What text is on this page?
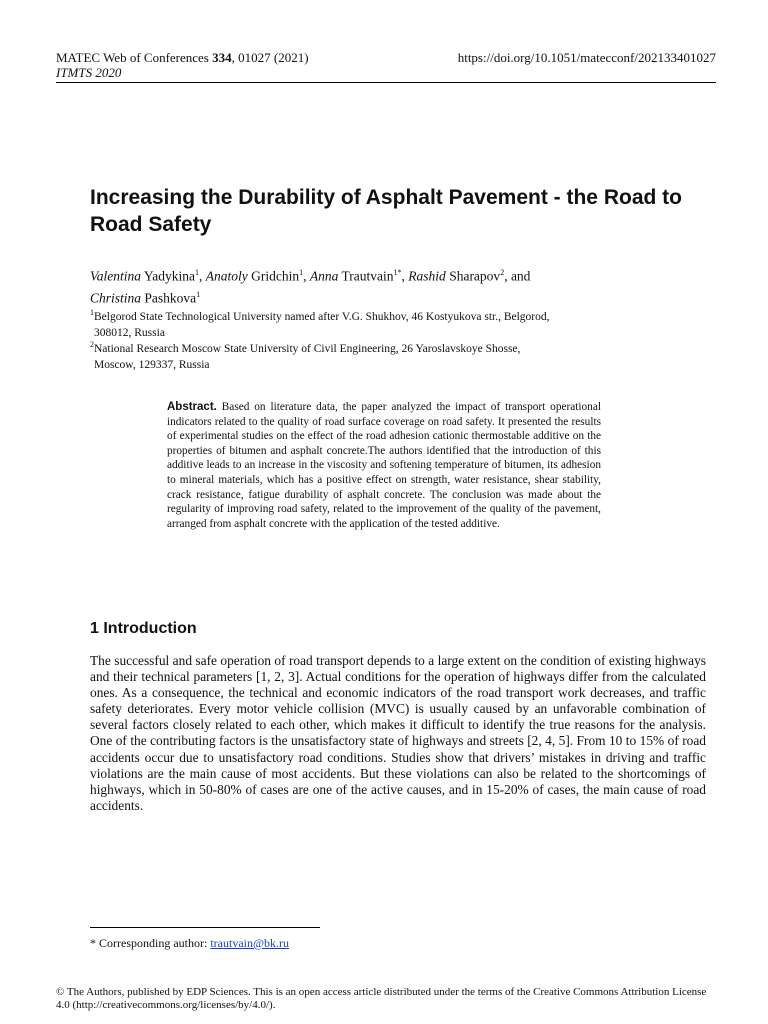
MATEC Web of Conferences 334, 01027 (2021)
ITMTS 2020
https://doi.org/10.1051/matecconf/202133401027
Increasing the Durability of Asphalt Pavement - the Road to Road Safety
Valentina Yadykina$^1$, Anatoly Gridchin$^1$, Anna Trautvain$^{1*}$, Rashid Sharapov$^2$, and
Christina Pashkova$^1$
$^1$Belgorod State Technological University named after V.G. Shukhov, 46 Kostyukova str., Belgorod,
308012, Russia
$^2$National Research Moscow State University of Civil Engineering, 26 Yaroslavskoye Shosse,
Moscow, 129337, Russia
Abstract. Based on literature data, the paper analyzed the impact of transport operational indicators related to the quality of road surface coverage on road safety. It presented the results of experimental studies on the effect of the road adhesion cationic thermostable additive on the properties of bitumen and asphalt concrete.The authors identified that the introduction of this additive leads to an increase in the viscosity and softening temperature of bitumen, its adhesion to mineral materials, which has a positive effect on strength, water resistance, shear stability, crack resistance, fatigue durability of asphalt concrete. The conclusion was made about the regularity of improving road safety, related to the improvement of the quality of the pavement, arranged from asphalt concrete with the application of the tested additive.
1 Introduction

The successful and safe operation of road transport depends to a large extent on the condition of existing highways and their technical parameters [1, 2, 3]. Actual conditions for the operation of highways differ from the calculated ones. As a consequence, the technical and economic indicators of the road transport work decreases, and traffic safety deteriorates. Every motor vehicle collision (MVC) is usually caused by an unfavorable combination of several factors closely related to each other, which makes it difficult to identify the true reasons for the analysis. One of the contributing factors is the unsatisfactory state of highways and streets [2, 4, 5]. From 10 to 15% of road accidents occur due to unsatisfactory road conditions. Studies show that drivers’ mistakes in driving and traffic violations are the main cause of most accidents. But these violations can also be related to the shortcomings of highways, which in 50-80% of cases are one of the active causes, and in 15-20% of cases, the main cause of road accidents.

* Corresponding author: trautvain@bk.ru
© The Authors, published by EDP Sciences. This is an open access article distributed under the terms of the Creative Commons Attribution License 4.0 (http://creativecommons.org/licenses/by/4.0/).
